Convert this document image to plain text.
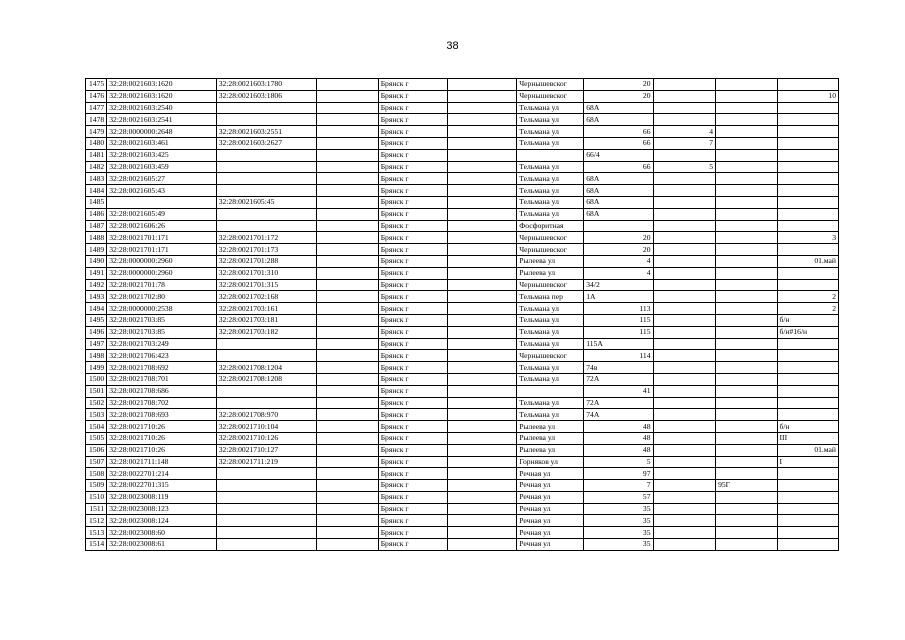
38
1475	32:28:0021603:1620	32:28:0021603:1780		Брянск г		Чернышевског	20			
1476	32:28:0021603:1620	32:28:0021603:1806		Брянск г		Чернышевског	20			10
1477	32:28:0021603:2540			Брянск г		Тельмана ул	68А			
1478	32:28:0021603:2541			Брянск г		Тельмана ул	68А			
1479	32:28:0000000:2648	32:28:0021603:2551		Брянск г		Тельмана ул	66	4		
1480	32:28:0021603:461	32:28:0021603:2627		Брянск г		Тельмана ул	66	7		
1481	32:28:0021603:425			Брянск г			66/4			
1482	32:28:0021603:459			Брянск г		Тельмана ул	66	5		
1483	32:28:0021605:27			Брянск г		Тельмана ул	68А			
1484	32:28:0021605:43			Брянск г		Тельмана ул	68А			
1485		32:28:0021605:45		Брянск г		Тельмана ул	68А			
1486	32:28:0021605:49			Брянск г		Тельмана ул	68А			
1487	32:28:0021606:26			Брянск г		Фосфоритная				
1488	32:28:0021701:171	32:28:0021701:172		Брянск г		Чернышевског	20			3
1489	32:28:0021701:171	32:28:0021701:173		Брянск г		Чернышевског	20			
1490	32:28:0000000:2960	32:28:0021701:288		Брянск г		Рылеева ул	4			01.май
1491	32:28:0000000:2960	32:28:0021701:310		Брянск г		Рылеева ул	4			
1492	32:28:0021701:78	32:28:0021701:315		Брянск г		Чернышевског	34/2			
1493	32:28:0021702:80	32:28:0021702:168		Брянск г		Тельмана пер	1А			2
1494	32:28:0000000:2538	32:28:0021703:161		Брянск г		Тельмана ул	113			2
1495	32:28:0021703:85	32:28:0021703:181		Брянск г		Тельмана ул	115			б/н
1496	32:28:0021703:85	32:28:0021703:182		Брянск г		Тельмана ул	115			б/н#16/н
1497	32:28:0021703:249			Брянск г		Тельмана ул	115А			
1498	32:28:0021706:423			Брянск г		Чернышевског	114			
1499	32:28:0021708:692	32:28:0021708:1204		Брянск г		Тельмана ул	74в			
1500	32:28:0021708:701	32:28:0021708:1208		Брянск г		Тельмана ул	72А			
1501	32:28:0021708:686			Брянск г			41			
1502	32:28:0021708:702			Брянск г		Тельмана ул	72А			
1503	32:28:0021708:693	32:28:0021708:970		Брянск г		Тельмана ул	74А			
1504	32:28:0021710:26	32:28:0021710:104		Брянск г		Рылеева ул	48			б/н
1505	32:28:0021710:26	32:28:0021710:126		Брянск г		Рылеева ул	48			III
1506	32:28:0021710:26	32:28:0021710:127		Брянск г		Рылеева ул	48			01.май
1507	32:28:0021711:148	32:28:0021711:219		Брянск г		Горняков ул	5			I
1508	32:28:0022701:214			Брянск г		Речная ул	97			
1509	32:28:0022701:315			Брянск г		Речная ул	7		95Г	
1510	32:28:0023008:119			Брянск г		Речная ул	57			
1511	32:28:0023008:123			Брянск г		Речная ул	35			
1512	32:28:0023008:124			Брянск г		Речная ул	35			
1513	32:28:0023008:60			Брянск г		Речная ул	35			
1514	32:28:0023008:61			Брянск г		Речная ул	35			
